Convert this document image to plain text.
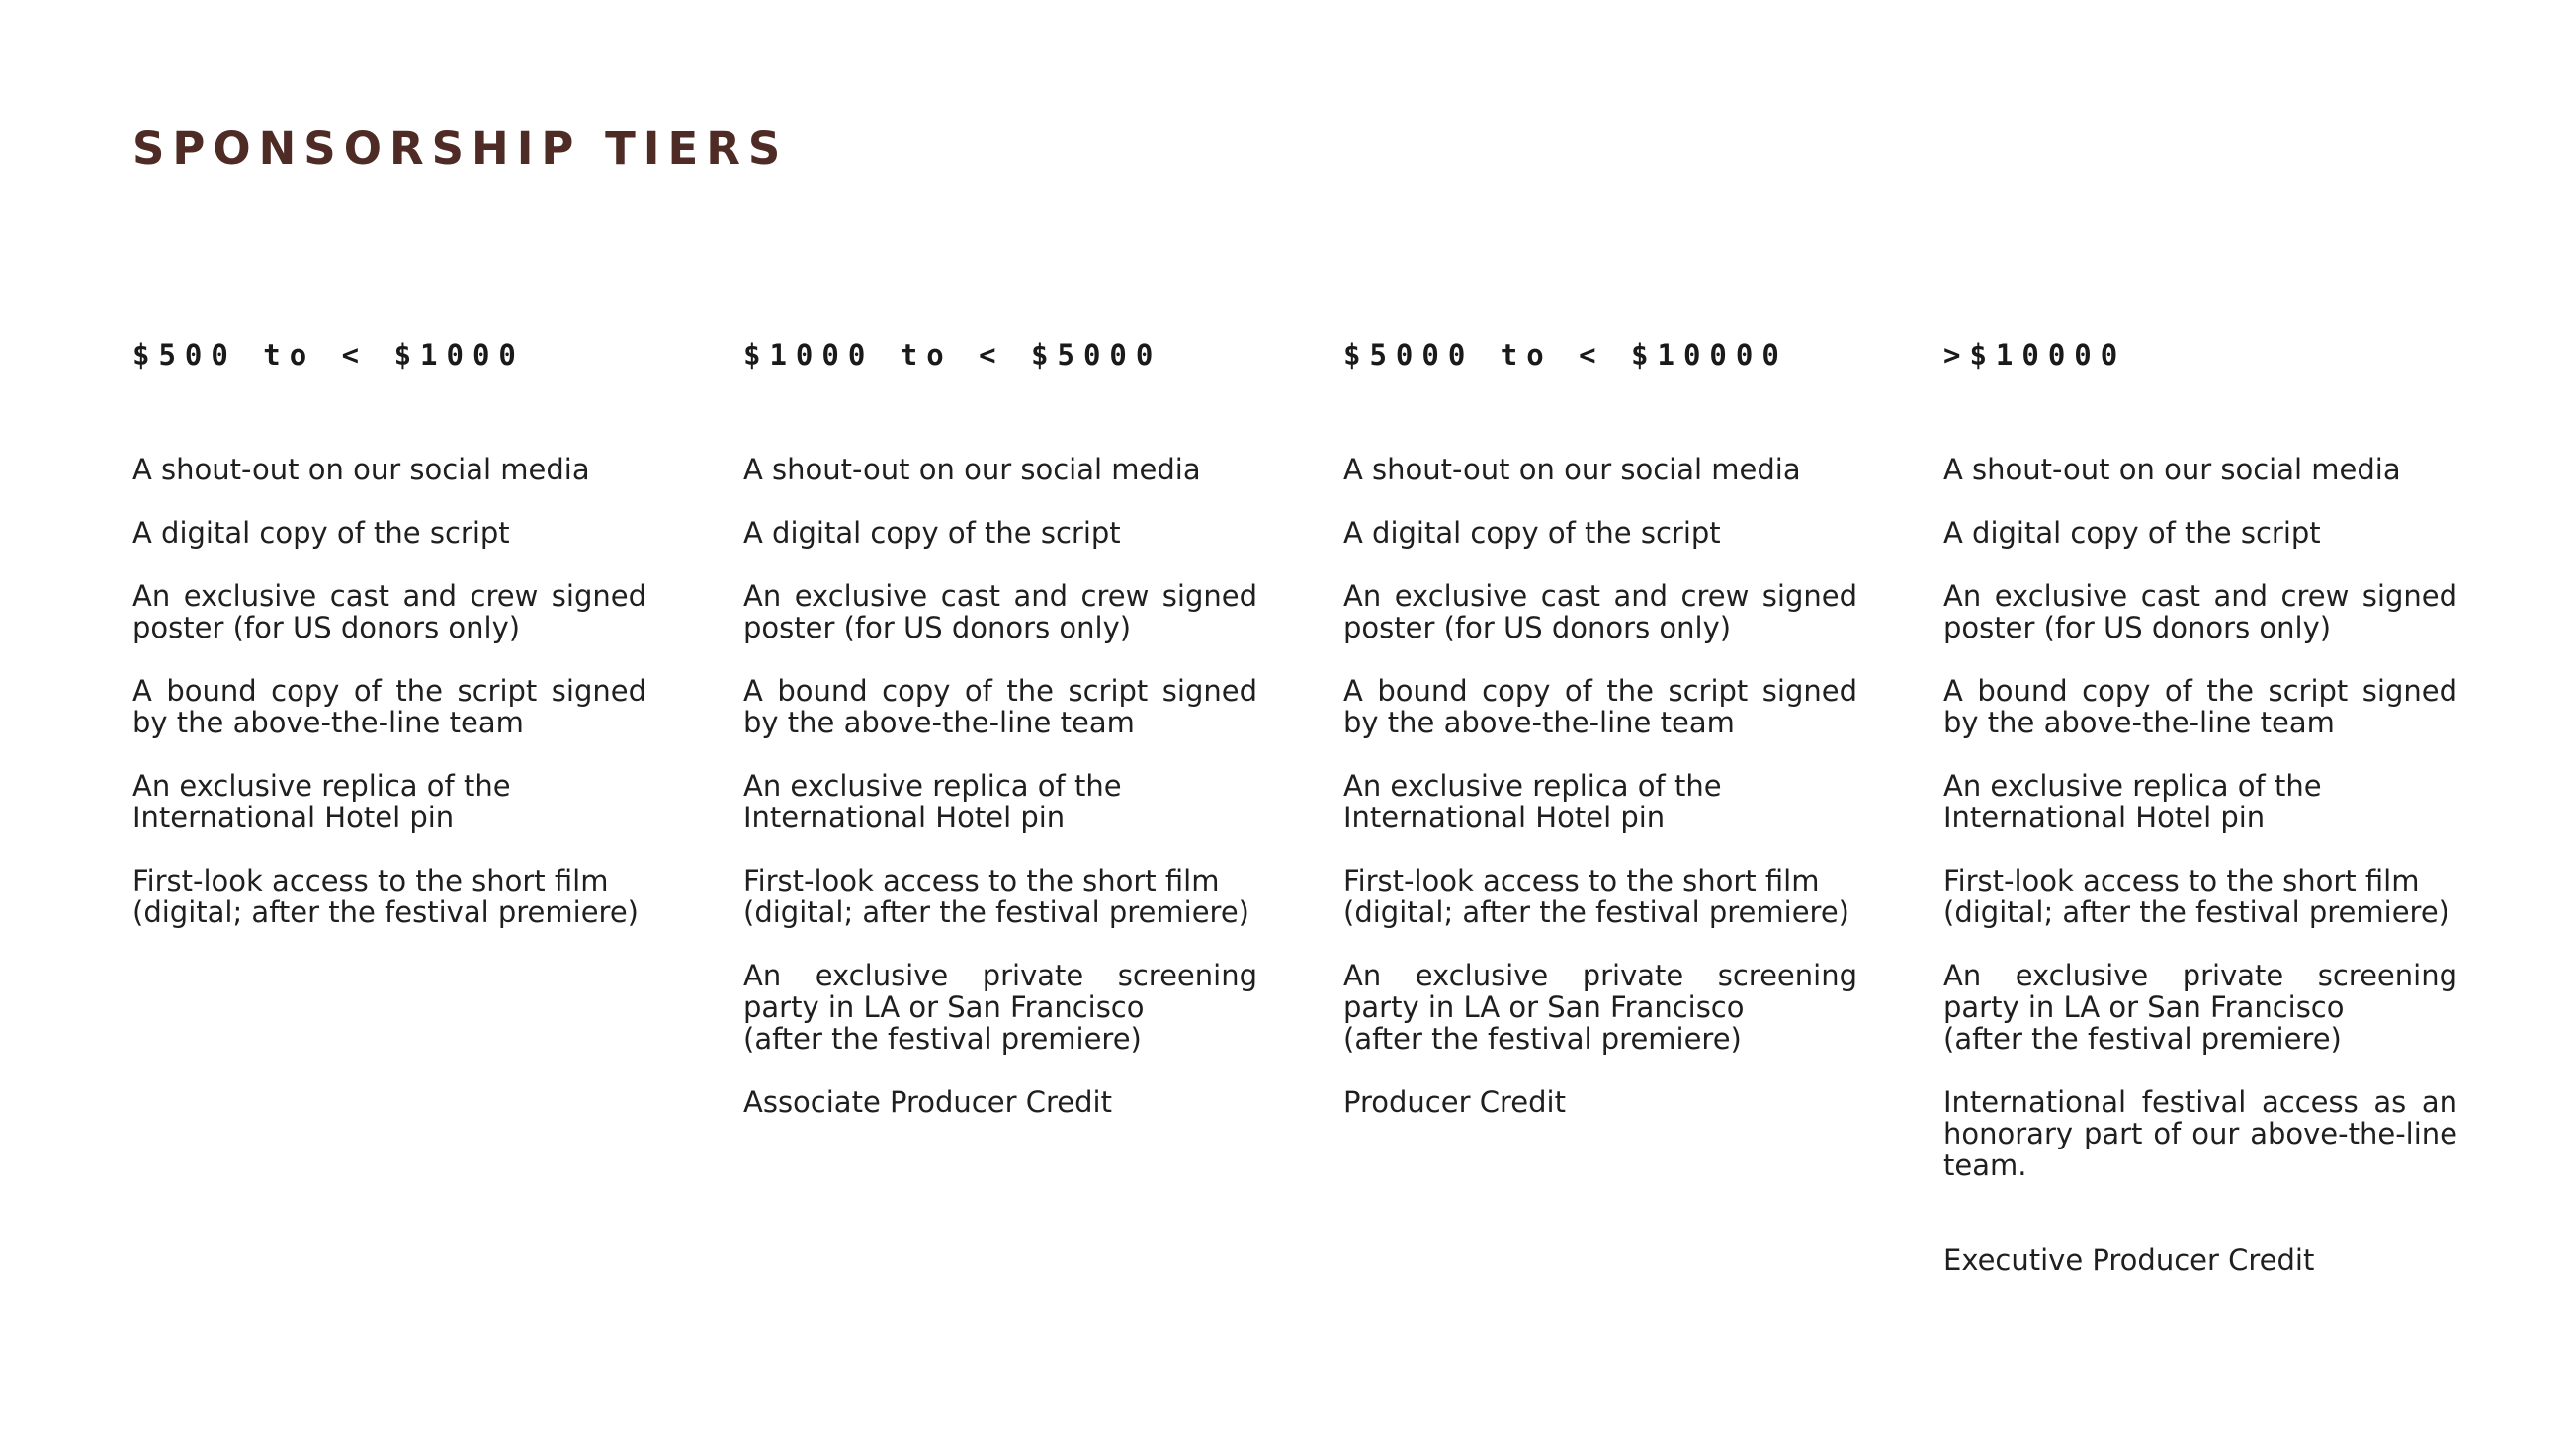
SPONSORSHIP TIERS
$500 to < $1000
A shout-out on our social media
A digital copy of the script
An exclusive cast and crew signed poster (for US donors only)
A bound copy of the script signed by the above-the-line team
An exclusive replica of the
International Hotel pin
First-look access to the short film
(digital; after the festival premiere)
$1000 to < $5000
A shout-out on our social media
A digital copy of the script
An exclusive cast and crew signed poster (for US donors only)
A bound copy of the script signed by the above-the-line team
An exclusive replica of the
International Hotel pin
First-look access to the short film
(digital; after the festival premiere)
An exclusive private screening party in LA or San Francisco
(after the festival premiere)
Associate Producer Credit
$5000 to < $10000
A shout-out on our social media
A digital copy of the script
An exclusive cast and crew signed poster (for US donors only)
A bound copy of the script signed by the above-the-line team
An exclusive replica of the
International Hotel pin
First-look access to the short film
(digital; after the festival premiere)
An exclusive private screening party in LA or San Francisco
(after the festival premiere)
Producer Credit
>$10000
A shout-out on our social media
A digital copy of the script
An exclusive cast and crew signed poster (for US donors only)
A bound copy of the script signed by the above-the-line team
An exclusive replica of the
International Hotel pin
First-look access to the short film
(digital; after the festival premiere)
An exclusive private screening party in LA or San Francisco
(after the festival premiere)
International festival access as an honorary part of our above-the-line team.
Executive Producer Credit
